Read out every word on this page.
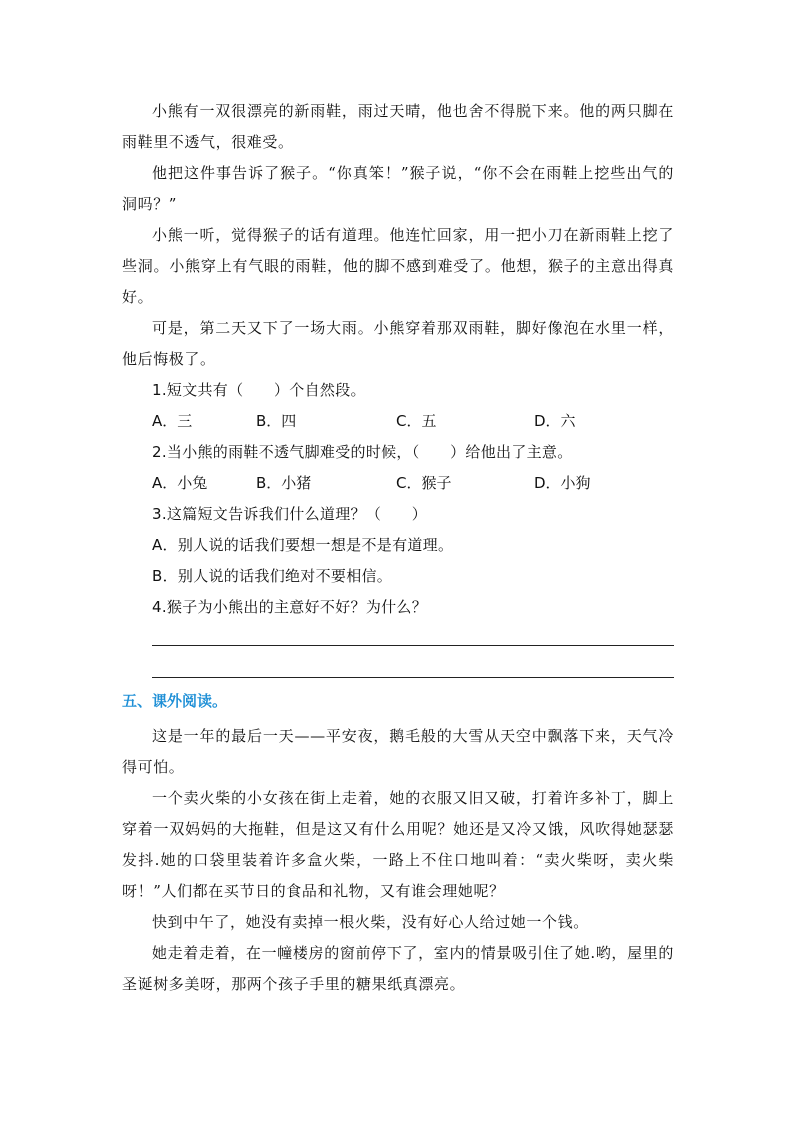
小熊有一双很漂亮的新雨鞋，雨过天晴，他也舍不得脱下来。他的两只脚在雨鞋里不透气，很难受。

他把这件事告诉了猴子。“你真笨！”猴子说，“你不会在雨鞋上挖些出气的洞吗？”

小熊一听，觉得猴子的话有道理。他连忙回家，用一把小刀在新雨鞋上挖了些洞。小熊穿上有气眼的雨鞋，他的脚不感到难受了。他想，猴子的主意出得真好。

可是，第二天又下了一场大雨。小熊穿着那双雨鞋，脚好像泡在水里一样，他后悔极了。

1.短文共有（　　）个自然段。

A．三	B．四	C．五	D．六

2.当小熊的雨鞋不透气脚难受的时候，（　　）给他出了主意。

A．小兔	B．小猪	C．猴子	D．小狗

3.这篇短文告诉我们什么道理？（　　）

A．别人说的话我们要想一想是不是有道理。

B．别人说的话我们绝对不要相信。

4.猴子为小熊出的主意好不好？为什么？

五、课外阅读。

这是一年的最后一天——平安夜，鹅毛般的大雪从天空中飘落下来，天气冷得可怕。

一个卖火柴的小女孩在街上走着，她的衣服又旧又破，打着许多补丁，脚上穿着一双妈妈的大拖鞋，但是这又有什么用呢？她还是又冷又饿，风吹得她瑟瑟发抖.她的口袋里装着许多盒火柴，一路上不住口地叫着：“卖火柴呀，卖火柴呀！”人们都在买节日的食品和礼物，又有谁会理她呢？

快到中午了，她没有卖掉一根火柴，没有好心人给过她一个钱。

她走着走着，在一幢楼房的窗前停下了，室内的情景吸引住了她.哟，屋里的圣诞树多美呀，那两个孩子手里的糖果纸真漂亮。
